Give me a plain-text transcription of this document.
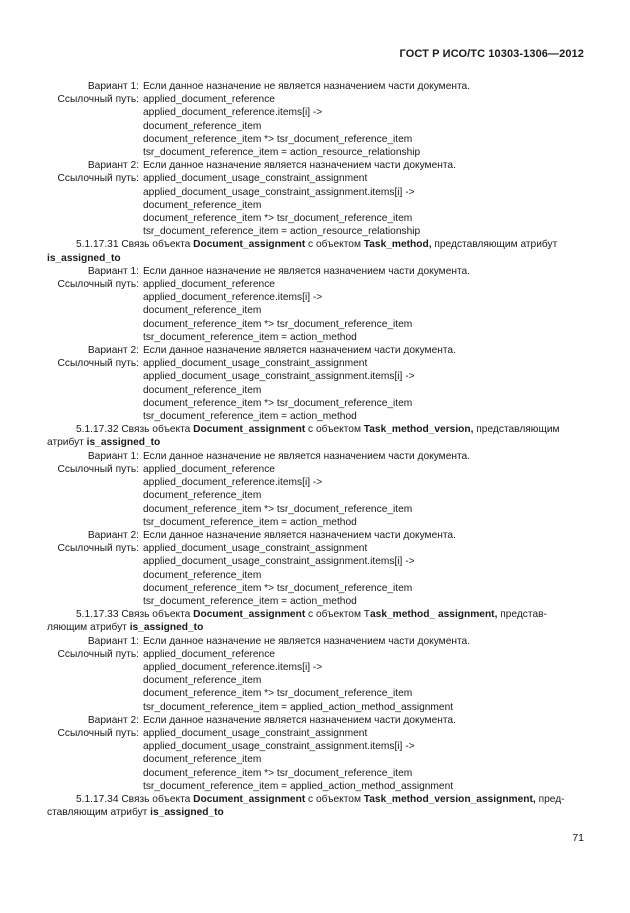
ГОСТ Р ИСО/ТС 10303-1306—2012
Вариант 1: Если данное назначение не является назначением части документа.
Ссылочный путь: applied_document_reference
applied_document_reference.items[i] ->
document_reference_item
document_reference_item *> tsr_document_reference_item
tsr_document_reference_item = action_resource_relationship
Вариант 2: Если данное назначение является назначением части документа.
Ссылочный путь: applied_document_usage_constraint_assignment
applied_document_usage_constraint_assignment.items[i] ->
document_reference_item
document_reference_item *> tsr_document_reference_item
tsr_document_reference_item = action_resource_relationship
5.1.17.31 Связь объекта Document_assignment с объектом Task_method, представляющим атрибут
is_assigned_to
Вариант 1: Если данное назначение не является назначением части документа.
Ссылочный путь: applied_document_reference
applied_document_reference.items[i] ->
document_reference_item
document_reference_item *> tsr_document_reference_item
tsr_document_reference_item = action_method
Вариант 2: Если данное назначение является назначением части документа.
Ссылочный путь: applied_document_usage_constraint_assignment
applied_document_usage_constraint_assignment.items[i] ->
document_reference_item
document_reference_item *> tsr_document_reference_item
tsr_document_reference_item = action_method
5.1.17.32 Связь объекта Document_assignment с объектом Task_method_version, представляющим
атрибут is_assigned_to
Вариант 1: Если данное назначение не является назначением части документа.
Ссылочный путь: applied_document_reference
applied_document_reference.items[i] ->
document_reference_item
document_reference_item *> tsr_document_reference_item
tsr_document_reference_item = action_method
Вариант 2: Если данное назначение является назначением части документа.
Ссылочный путь: applied_document_usage_constraint_assignment
applied_document_usage_constraint_assignment.items[i] ->
document_reference_item
document_reference_item *> tsr_document_reference_item
tsr_document_reference_item = action_method
5.1.17.33 Связь объекта Document_assignment с объектом Тask_method_ assignment, представ-
ляющим атрибут is_assigned_to
Вариант 1: Если данное назначение не является назначением части документа.
Ссылочный путь: applied_document_reference
applied_document_reference.items[i] ->
document_reference_item
document_reference_item *> tsr_document_reference_item
tsr_document_reference_item = applied_action_method_assignment
Вариант 2: Если данное назначение является назначением части документа.
Ссылочный путь: applied_document_usage_constraint_assignment
applied_document_usage_constraint_assignment.items[i] ->
document_reference_item
document_reference_item *> tsr_document_reference_item
tsr_document_reference_item = applied_action_method_assignment
5.1.17.34 Связь объекта Document_assignment с объектом Task_method_version_assignment, пред-
ставляющим атрибут is_assigned_to
71
